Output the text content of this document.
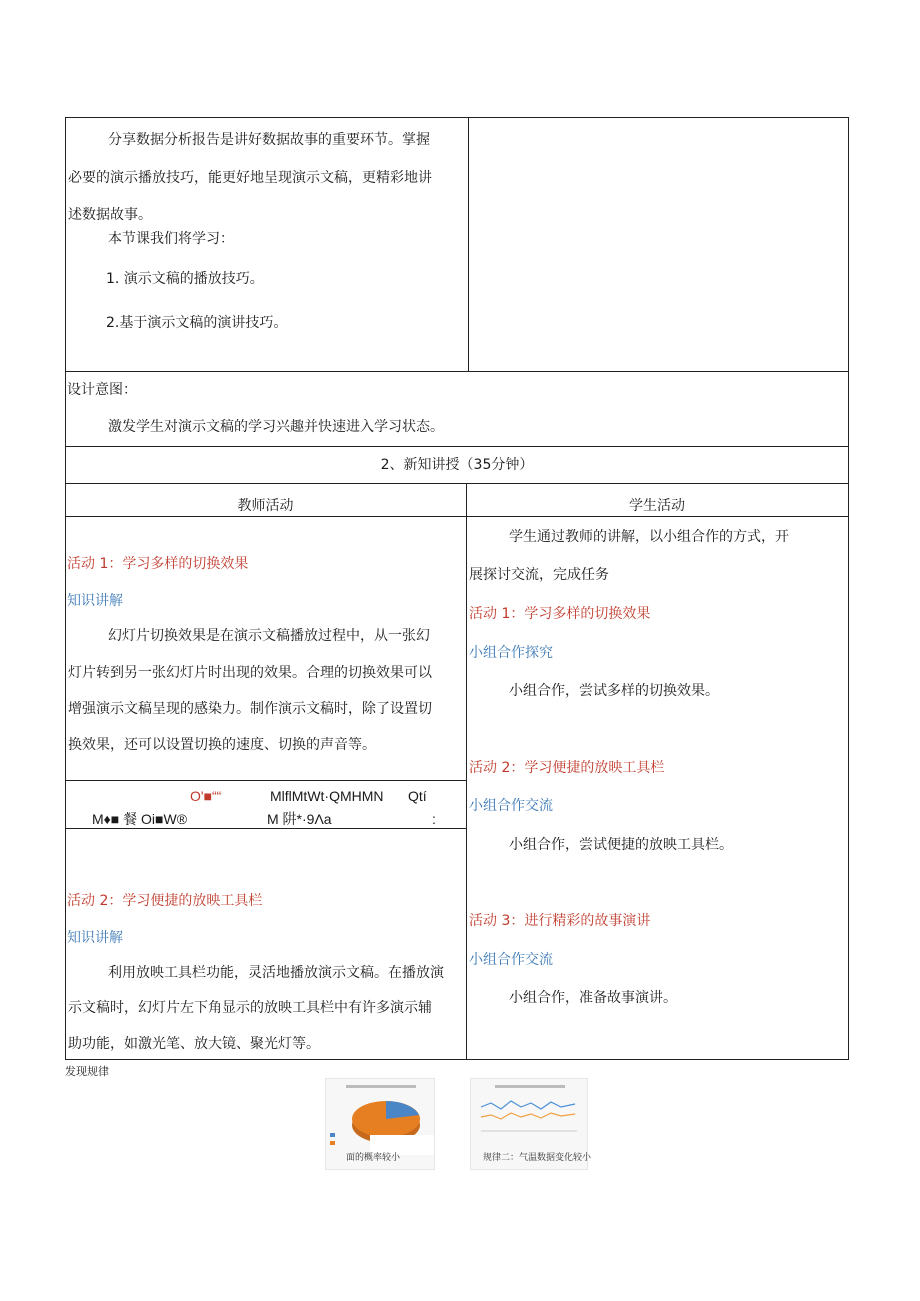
分享数据分析报告是讲好数据故事的重要环节。掌握
必要的演示播放技巧，能更好地呈现演示文稿，更精彩地讲
述数据故事。
本节课我们将学习：
1. 演示文稿的播放技巧。
2.基于演示文稿的演讲技巧。
设计意图：
激发学生对演示文稿的学习兴趣并快速进入学习状态。
2、新知讲授（35分钟）
教师活动	学生活动
活动 1：学习多样的切换效果
知识讲解
幻灯片切换效果是在演示文稿播放过程中，从一张幻
灯片转到另一张幻灯片时出现的效果。合理的切换效果可以
增强演示文稿呈现的感染力。制作演示文稿时，除了设置切
换效果，还可以设置切换的速度、切换的声音等。
O'■““	MlflMtWt·QMHMN Qtí
M♦■ 餐 Oi■W®	M 阱*·9Λa	:
活动 2：学习便捷的放映工具栏
知识讲解
利用放映工具栏功能，灵活地播放演示文稿。在播放演
示文稿时，幻灯片左下角显示的放映工具栏中有许多演示辅
助功能，如激光笔、放大镜、聚光灯等。
学生通过教师的讲解，以小组合作的方式，开
展探讨交流，完成任务
活动 1：学习多样的切换效果
小组合作探究
小组合作，尝试多样的切换效果。
活动 2：学习便捷的放映工具栏
小组合作交流
小组合作，尝试便捷的放映工具栏。
活动 3：进行精彩的故事演讲
小组合作交流
小组合作，准备故事演讲。
发现规律
面的概率较小	规律二：气温数据变化较小
